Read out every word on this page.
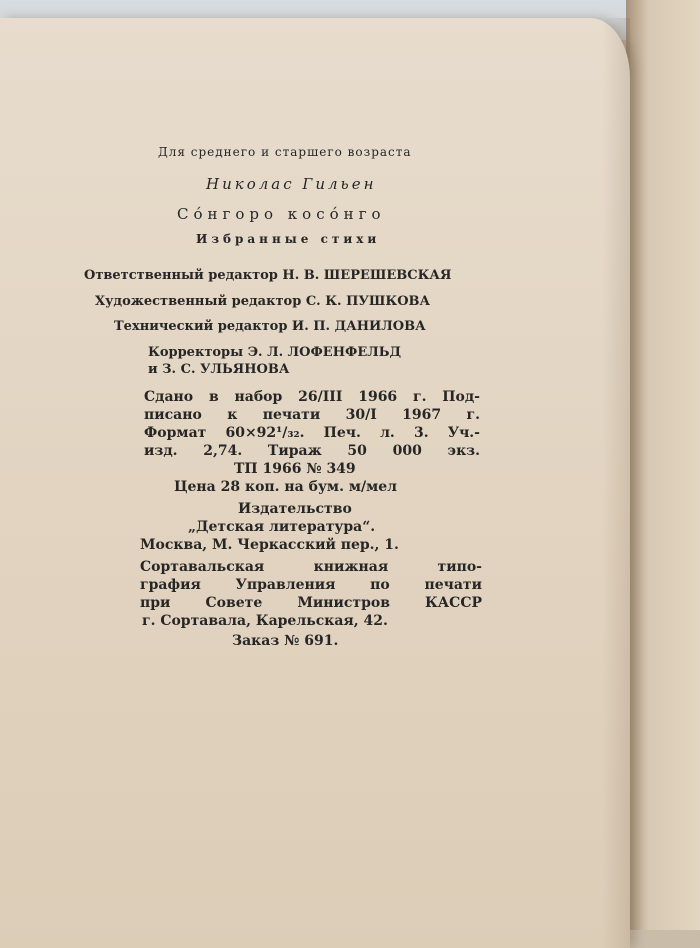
Для среднего и старшего возраста
Николас Гильен
Сóнгоро косóнго
Избранные стихи
Ответственный редактор Н. В. ШЕРЕШЕВСКАЯ
Художественный редактор С. К. ПУШКОВА
Технический редактор И. П. ДАНИЛОВА
Корректоры Э. Л. ЛОФЕНФЕЛЬД
и З. С. УЛЬЯНОВА
Сдано в набор 26/III 1966 г. Под-
писано к печати 30/I 1967 г.
Формат 60×92¹/₃₂. Печ. л. 3. Уч.-
изд. 2,74. Тираж 50 000 экз.
ТП 1966 № 349
Цена 28 коп. на бум. м/мел
Издательство
„Детская литература“.
Москва, М. Черкасский пер., 1.
Сортавальская книжная типо-
графия Управления по печати
при Совете Министров КАССР
г. Сортавала, Карельская, 42.
Заказ № 691.
